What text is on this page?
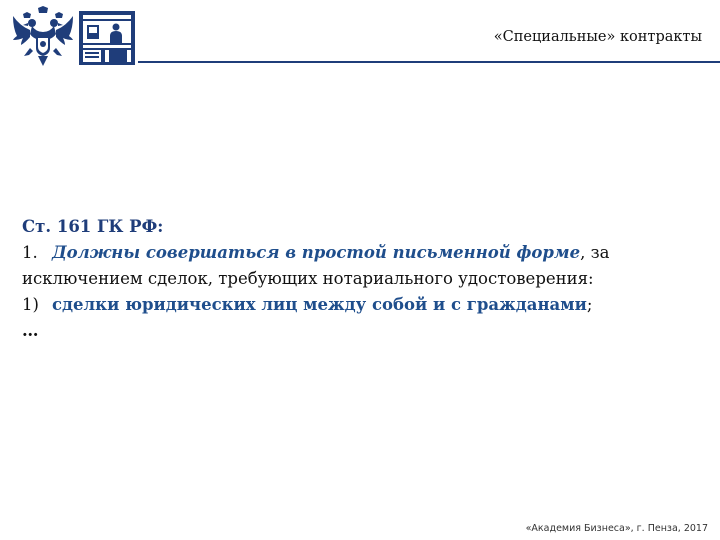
«Специальные» контракты
Ст. 161 ГК РФ:
1. Должны совершаться в простой письменной форме, за
исключением сделок, требующих нотариального удостоверения:
1) сделки юридических лиц между собой и с гражданами;
…
«Академия Бизнеса», г. Пенза, 2017
